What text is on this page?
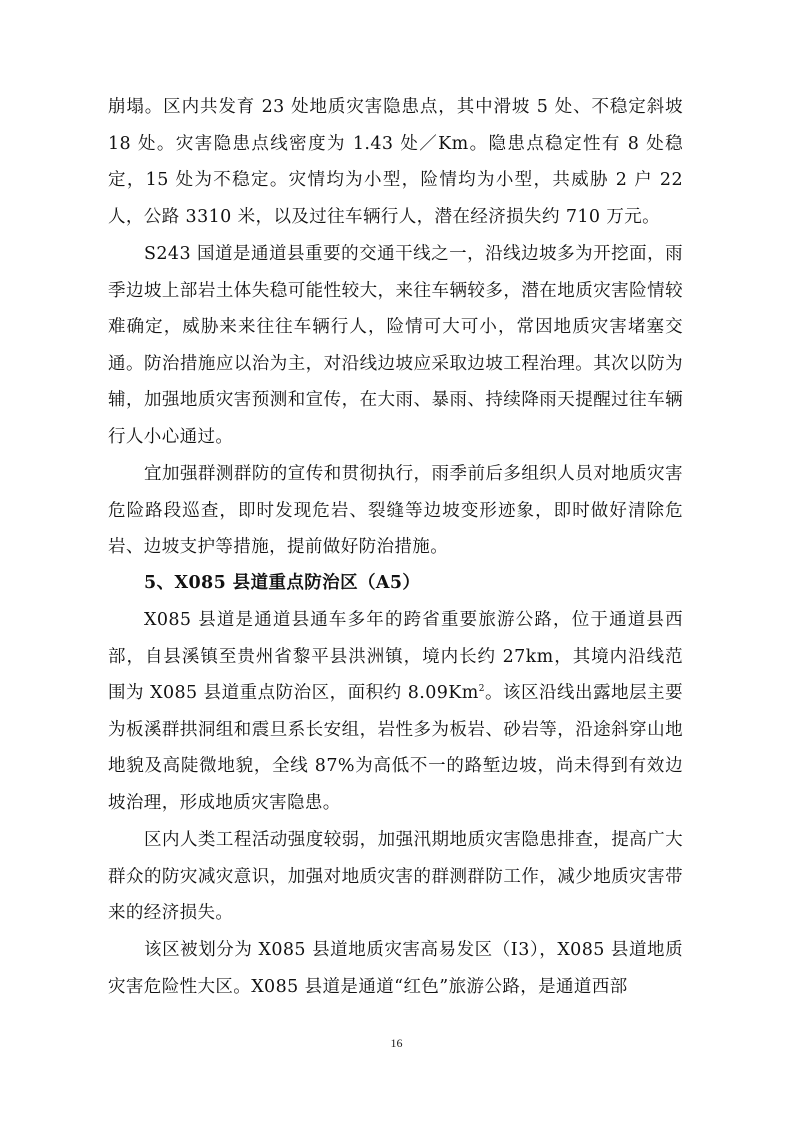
崩塌。区内共发育 23 处地质灾害隐患点，其中滑坡 5 处、不稳定斜坡 18 处。灾害隐患点线密度为 1.43 处／Km。隐患点稳定性有 8 处稳定，15 处为不稳定。灾情均为小型，险情均为小型，共威胁 2 户 22 人，公路 3310 米，以及过往车辆行人，潜在经济损失约 710 万元。

S243 国道是通道县重要的交通干线之一，沿线边坡多为开挖面，雨季边坡上部岩土体失稳可能性较大，来往车辆较多，潜在地质灾害险情较难确定，威胁来来往往车辆行人，险情可大可小，常因地质灾害堵塞交通。防治措施应以治为主，对沿线边坡应采取边坡工程治理。其次以防为辅，加强地质灾害预测和宣传，在大雨、暴雨、持续降雨天提醒过往车辆行人小心通过。

宜加强群测群防的宣传和贯彻执行，雨季前后多组织人员对地质灾害危险路段巡查，即时发现危岩、裂缝等边坡变形迹象，即时做好清除危岩、边坡支护等措施，提前做好防治措施。

5、X085 县道重点防治区（A5）

X085 县道是通道县通车多年的跨省重要旅游公路，位于通道县西部，自县溪镇至贵州省黎平县洪洲镇，境内长约 27km，其境内沿线范围为 X085 县道重点防治区，面积约 8.09Km$^2$。该区沿线出露地层主要为板溪群拱洞组和震旦系长安组，岩性多为板岩、砂岩等，沿途斜穿山地地貌及高陡微地貌，全线 87%为高低不一的路堑边坡，尚未得到有效边坡治理，形成地质灾害隐患。

区内人类工程活动强度较弱，加强汛期地质灾害隐患排查，提高广大群众的防灾减灾意识，加强对地质灾害的群测群防工作，减少地质灾害带来的经济损失。

该区被划分为 X085 县道地质灾害高易发区（Ⅰ3），X085 县道地质灾害危险性大区。X085 县道是通道“红色”旅游公路，是通道西部

16
